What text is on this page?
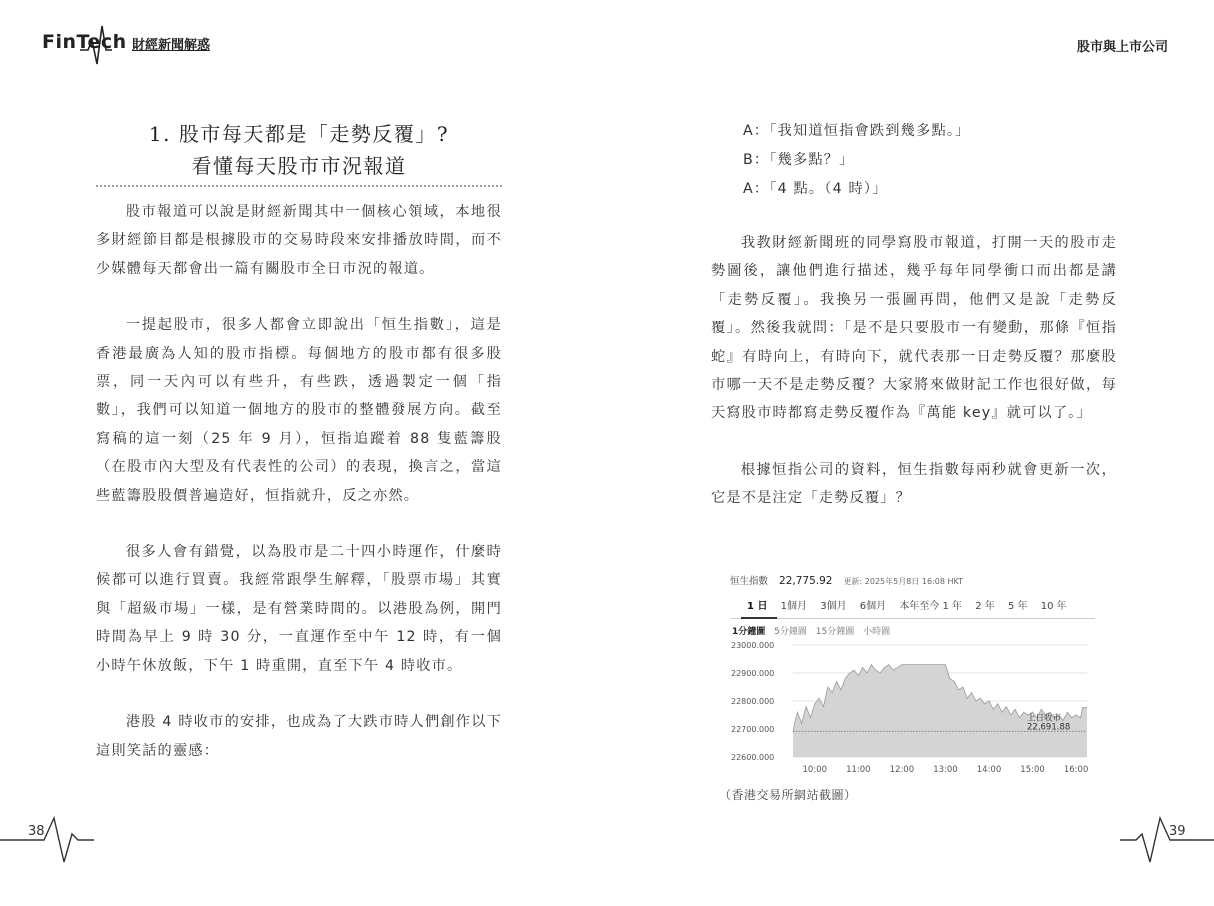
FinTech 財經新聞解惑	股市與上市公司
1. 股市每天都是「走勢反覆」?
看懂每天股市市況報道

股市報道可以說是財經新聞其中一個核心領域，本地很多財經節目都是根據股市的交易時段來安排播放時間，而不少媒體每天都會出一篇有關股市全日市況的報道。

一提起股市，很多人都會立即說出「恒生指數」，這是香港最廣為人知的股市指標。每個地方的股市都有很多股票，同一天內可以有些升，有些跌，透過製定一個「指數」，我們可以知道一個地方的股市的整體發展方向。截至寫稿的這一刻（25 年 9 月），恒指追蹤着 88 隻藍籌股（在股市內大型及有代表性的公司）的表現，換言之，當這些藍籌股股價普遍造好，恒指就升，反之亦然。

很多人會有錯覺，以為股市是二十四小時運作，什麼時候都可以進行買賣。我經常跟學生解釋，「股票市場」其實與「超級市場」一樣，是有營業時間的。以港股為例，開門時間為早上 9 時 30 分，一直運作至中午 12 時，有一個小時午休放飯，下午 1 時重開，直至下午 4 時收市。

港股 4 時收市的安排，也成為了大跌市時人們創作以下這則笑話的靈感：

A：「我知道恒指會跌到幾多點。」

B：「幾多點？」

A：「4 點。（4 時）」

我教財經新聞班的同學寫股市報道，打開一天的股市走勢圖後，讓他們進行描述，幾乎每年同學衝口而出都是講「走勢反覆」。我換另一張圖再問，他們又是說「走勢反覆」。然後我就問：「是不是只要股市一有變動，那條『恒指蛇』有時向上，有時向下，就代表那一日走勢反覆？那麼股市哪一天不是走勢反覆？大家將來做財記工作也很好做，每天寫股市時都寫走勢反覆作為『萬能 key』就可以了。」

根據恒指公司的資料，恒生指數每兩秒就會更新一次，它是不是注定「走勢反覆」？

恒生指數 22,775.92 更新: 2025年5月8日 16:08 HKT
1 日 1個月 3個月 6個月 本年至今 1 年 2 年 5 年 10 年
1分鐘圖 5分鐘圖 15分鐘圖 小時圖
23000.000
22900.000
22800.000
22700.000
22600.000
上日收市
22,691.88
10:00 11:00 12:00 13:00 14:00 15:00 16:00
（香港交易所網站截圖）
38	39
